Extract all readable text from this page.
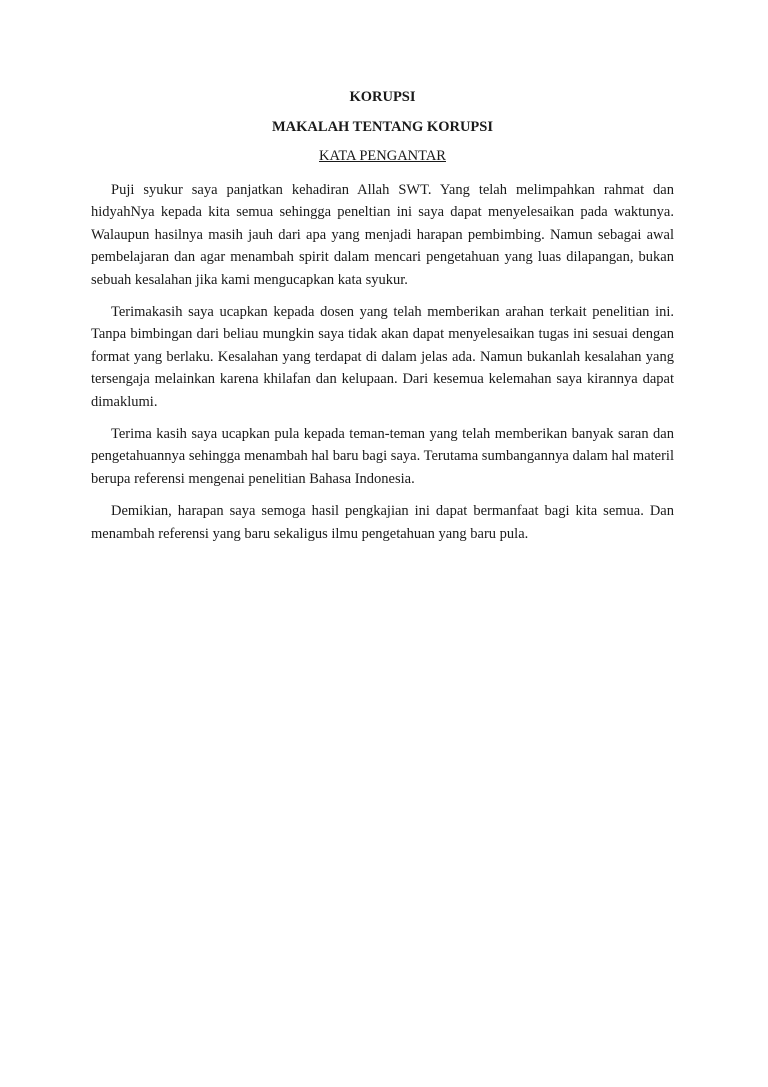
KORUPSI
MAKALAH TENTANG KORUPSI
KATA PENGANTAR

Puji syukur saya panjatkan kehadiran Allah SWT. Yang telah melimpahkan rahmat dan hidyahNya kepada kita semua sehingga peneltian ini saya dapat menyelesaikan pada waktunya. Walaupun hasilnya masih jauh dari apa yang menjadi harapan pembimbing. Namun sebagai awal pembelajaran dan agar menambah spirit dalam mencari pengetahuan yang luas dilapangan, bukan sebuah kesalahan jika kami mengucapkan kata syukur.

Terimakasih saya ucapkan kepada dosen yang telah memberikan arahan terkait penelitian ini. Tanpa bimbingan dari beliau mungkin saya tidak akan dapat menyelesaikan tugas ini sesuai dengan format yang berlaku. Kesalahan yang terdapat di dalam jelas ada. Namun bukanlah kesalahan yang tersengaja melainkan karena khilafan dan kelupaan. Dari kesemua kelemahan saya kirannya dapat dimaklumi.

Terima kasih saya ucapkan pula kepada teman-teman yang telah memberikan banyak saran dan pengetahuannya sehingga menambah hal baru bagi saya. Terutama sumbangannya dalam hal materil berupa referensi mengenai penelitian Bahasa Indonesia.

Demikian, harapan saya semoga hasil pengkajian ini dapat bermanfaat bagi kita semua. Dan menambah referensi yang baru sekaligus ilmu pengetahuan yang baru pula.
